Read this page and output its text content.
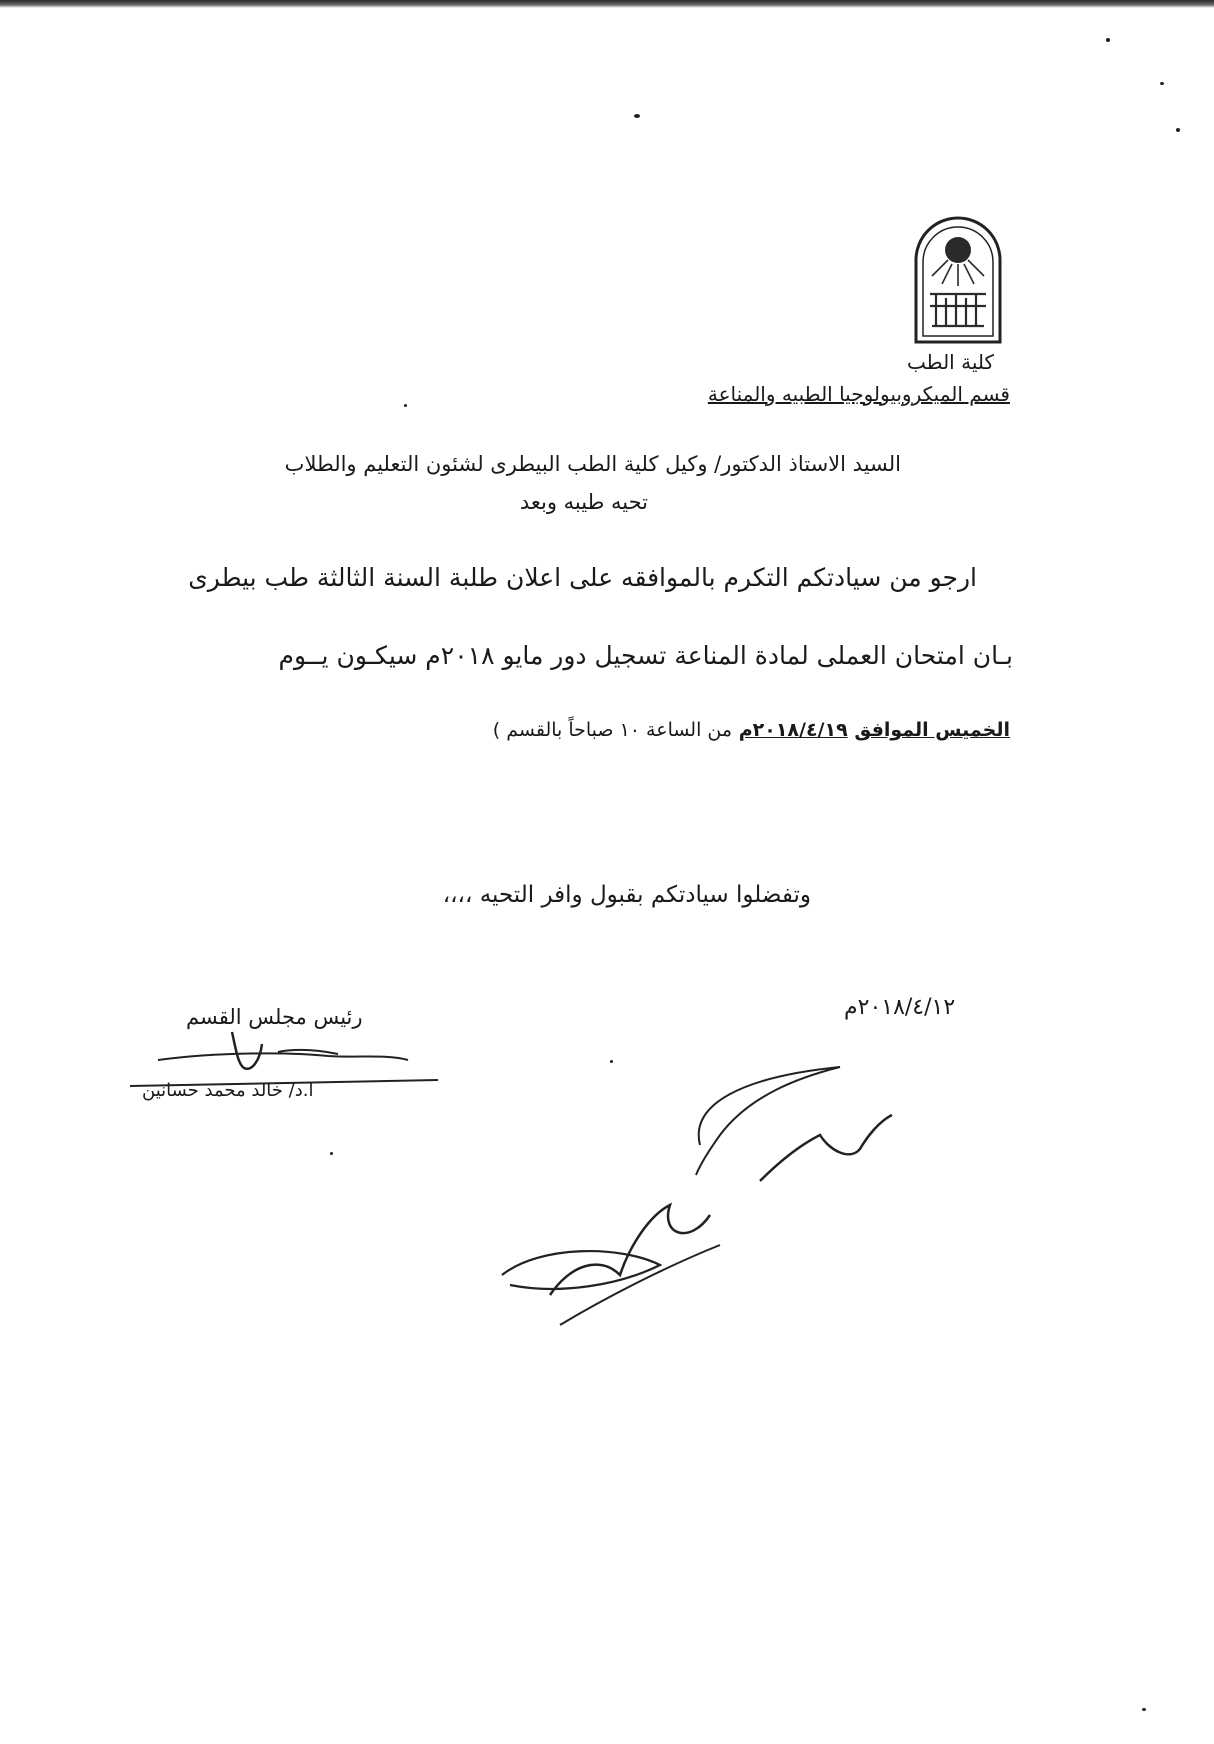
كلية الطب
قسم الميكروبيولوجيا الطبيه والمناعة
السيد الاستاذ الدكتور/ وكيل كلية الطب البيطرى لشئون التعليم والطلاب
تحيه طيبه وبعد
ارجو من سيادتكم التكرم بالموافقه على اعلان طلبة السنة الثالثة طب بيطرى
بـان امتحان العملى لمادة المناعة تسجيل دور مايو ٢٠١٨م سيكـون يــوم
الخميس الموافق ٢٠١٨/٤/١٩م من الساعة ١٠ صباحاً بالقسم )
وتفضلوا سيادتكم بقبول وافر التحيه ،،،،
٢٠١٨/٤/١٢م
رئيس مجلس القسم
ا.د/ خالد محمد حسانين
